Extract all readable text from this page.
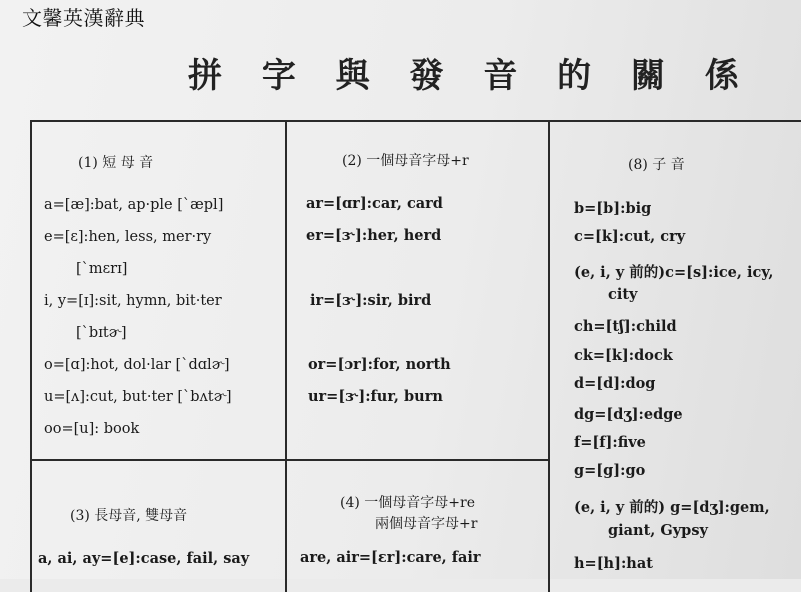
文馨英漢辭典
拼 字 與 發 音 的 關 係
(1) 短 母 音
a=[æ]:bat, ap·ple [ˋæpl]
e=[ɛ]:hen, less, mer·ry
[ˋmɛrɪ]
i, y=[ɪ]:sit, hymn, bit·ter
[ˋbɪtɚ]
o=[ɑ]:hot, dol·lar [ˋdɑlɚ]
u=[ʌ]:cut, but·ter [ˋbʌtɚ]
oo=[u]: book
(2) 一個母音字母+r
ar=[ɑr]:car, card
er=[ɝ]:her, herd
ir=[ɝ]:sir, bird
or=[ɔr]:for, north
ur=[ɝ]:fur, burn
(3) 長母音, 雙母音
a, ai, ay=[e]:case, fail, say
(4) 一個母音字母+re
兩個母音字母+r
are, air=[ɛr]:care, fair
(8) 子 音
b=[b]:big
c=[k]:cut, cry
(e, i, y 前的)c=[s]:ice, icy,
city
ch=[tʃ]:child
ck=[k]:dock
d=[d]:dog
dg=[dʒ]:edge
f=[f]:five
g=[g]:go
(e, i, y 前的) g=[dʒ]:gem,
giant, Gypsy
h=[h]:hat
